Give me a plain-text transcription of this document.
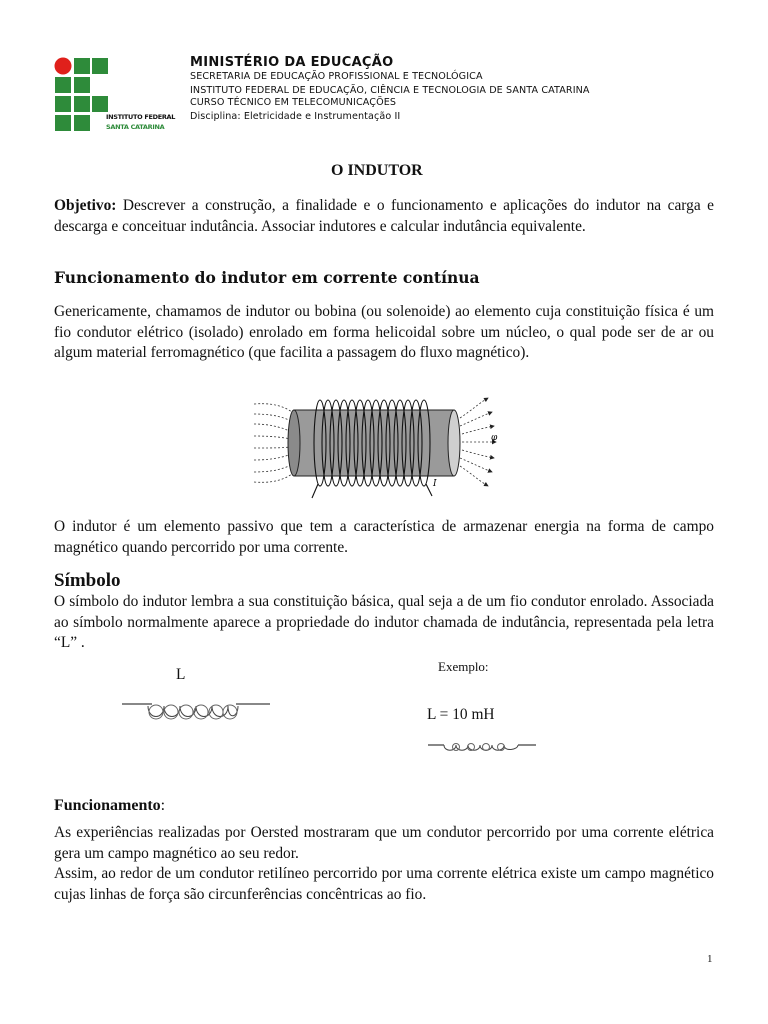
INSTITUTO FEDERAL
SANTA CATARINA
MINISTÉRIO DA EDUCAÇÃO
SECRETARIA DE EDUCAÇÃO PROFISSIONAL E TECNOLÓGICA
INSTITUTO FEDERAL DE EDUCAÇÃO, CIÊNCIA E TECNOLOGIA DE SANTA CATARINA
CURSO TÉCNICO EM TELECOMUNICAÇÕES
Disciplina: Eletricidade e Instrumentação II
O INDUTOR

Objetivo: Descrever a construção, a finalidade e o funcionamento e aplicações do indutor na carga e descarga e conceituar indutância. Associar indutores e calcular indutância equivalente.

Funcionamento do indutor em corrente contínua

Genericamente, chamamos de indutor ou bobina (ou solenoide) ao elemento cuja constituição física é um fio condutor elétrico (isolado) enrolado em forma helicoidal sobre um núcleo, o qual pode ser de ar ou algum material ferromagnético (que facilita a passagem do fluxo magnético).

φ
I

O indutor é um elemento passivo que tem a característica de armazenar energia na forma de campo magnético quando percorrido por uma corrente.

Símbolo

O símbolo do indutor lembra a sua constituição básica, qual seja a de um fio condutor enrolado. Associada ao símbolo normalmente aparece a propriedade do indutor chamada de indutância, representada pela letra “L” .

L	Exemplo:
L = 10 mH
Funcionamento:

As experiências realizadas por Oersted mostraram que um condutor percorrido por uma corrente elétrica gera um campo magnético ao seu redor.

Assim, ao redor de um condutor retilíneo percorrido por uma corrente elétrica existe um campo magnético cujas linhas de força são circunferências concêntricas ao fio.

1
